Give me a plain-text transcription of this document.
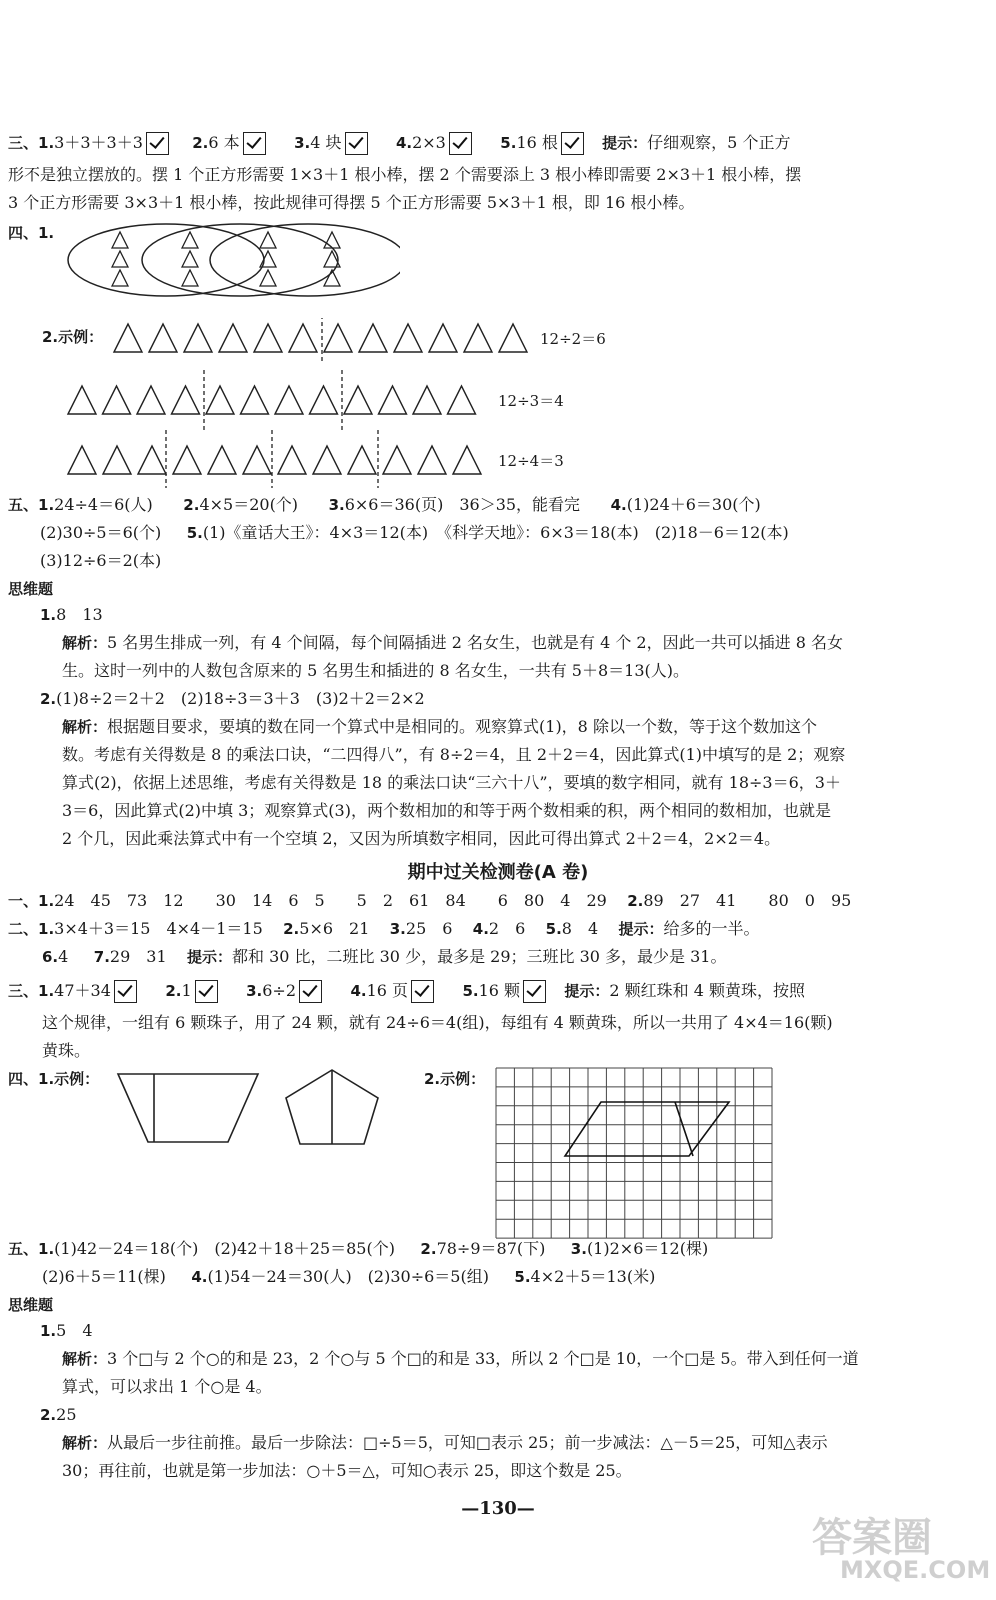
三、1.3＋3＋3＋3	2.6 本	3.4 块	4.2×3	5.16 根	提示：仔细观察，5 个正方
形不是独立摆放的。摆 1 个正方形需要 1×3＋1 根小棒，摆 2 个需要添上 3 根小棒即需要 2×3＋1 根小棒，摆
3 个正方形需要 3×3＋1 根小棒，按此规律可得摆 5 个正方形需要 5×3＋1 根，即 16 根小棒。
四、1.
2.示例：	12÷2＝6
12÷3＝4
12÷4＝3
五、1.24÷4＝6(人) 2.4×5＝20(个) 3.6×6＝36(页)　36＞35，能看完 4.(1)24＋6＝30(个)
(2)30÷5＝6(个) 5.(1)《童话大王》：4×3＝12(本)　《科学天地》：6×3＝18(本)　(2)18－6＝12(本)
(3)12÷6＝2(本)
思维题
1.8　13
解析：5 名男生排成一列，有 4 个间隔，每个间隔插进 2 名女生，也就是有 4 个 2，因此一共可以插进 8 名女
生。这时一列中的人数包含原来的 5 名男生和插进的 8 名女生，一共有 5＋8＝13(人)。
2.(1)8÷2＝2＋2　(2)18÷3＝3＋3　(3)2＋2＝2×2
解析：根据题目要求，要填的数在同一个算式中是相同的。观察算式(1)，8 除以一个数，等于这个数加这个
数。考虑有关得数是 8 的乘法口诀，“二四得八”，有 8÷2＝4，且 2＋2＝4，因此算式(1)中填写的是 2；观察
算式(2)，依据上述思维，考虑有关得数是 18 的乘法口诀“三六十八”，要填的数字相同，就有 18÷3＝6，3＋
3＝6，因此算式(2)中填 3；观察算式(3)，两个数相加的和等于两个数相乘的积，两个相同的数相加，也就是
2 个几，因此乘法算式中有一个空填 2，又因为所填数字相同，因此可得出算式 2＋2＝4，2×2＝4。
期中过关检测卷(A 卷)
一、1.24　45　73　12　　30　14　6　5　　5　2　61　84　　6　80　4　29 2.89　27　41　　80　0　95
二、1.3×4＋3＝15　4×4－1＝15 2.5×6　21 3.25　6 4.2　6 5.8　4 提示：给多的一半。
6.4 7.29　31 提示：都和 30 比，二班比 30 少，最多是 29；三班比 30 多，最少是 31。
三、1.47＋34	2.1	3.6÷2	4.16 页	5.16 颗	提示：2 颗红珠和 4 颗黄珠，按照
这个规律，一组有 6 颗珠子，用了 24 颗，就有 24÷6＝4(组)，每组有 4 颗黄珠，所以一共用了 4×4＝16(颗)
黄珠。
四、1.示例：	2.示例：
五、1.(1)42－24＝18(个)　(2)42＋18＋25＝85(个) 2.78÷9＝87(下) 3.(1)2×6＝12(棵)
(2)6＋5＝11(棵) 4.(1)54－24＝30(人)　(2)30÷6＝5(组) 5.4×2＋5＝13(米)
思维题
1.5　4
解析：3 个□与 2 个○的和是 23，2 个○与 5 个□的和是 33，所以 2 个□是 10，一个□是 5。带入到任何一道
算式，可以求出 1 个○是 4。
2.25
解析：从最后一步往前推。最后一步除法：□÷5＝5，可知□表示 25；前一步减法：△－5＝25，可知△表示
30；再往前，也就是第一步加法：○＋5＝△，可知○表示 25，即这个数是 25。
—130—
答案圈
MXQE.COM
